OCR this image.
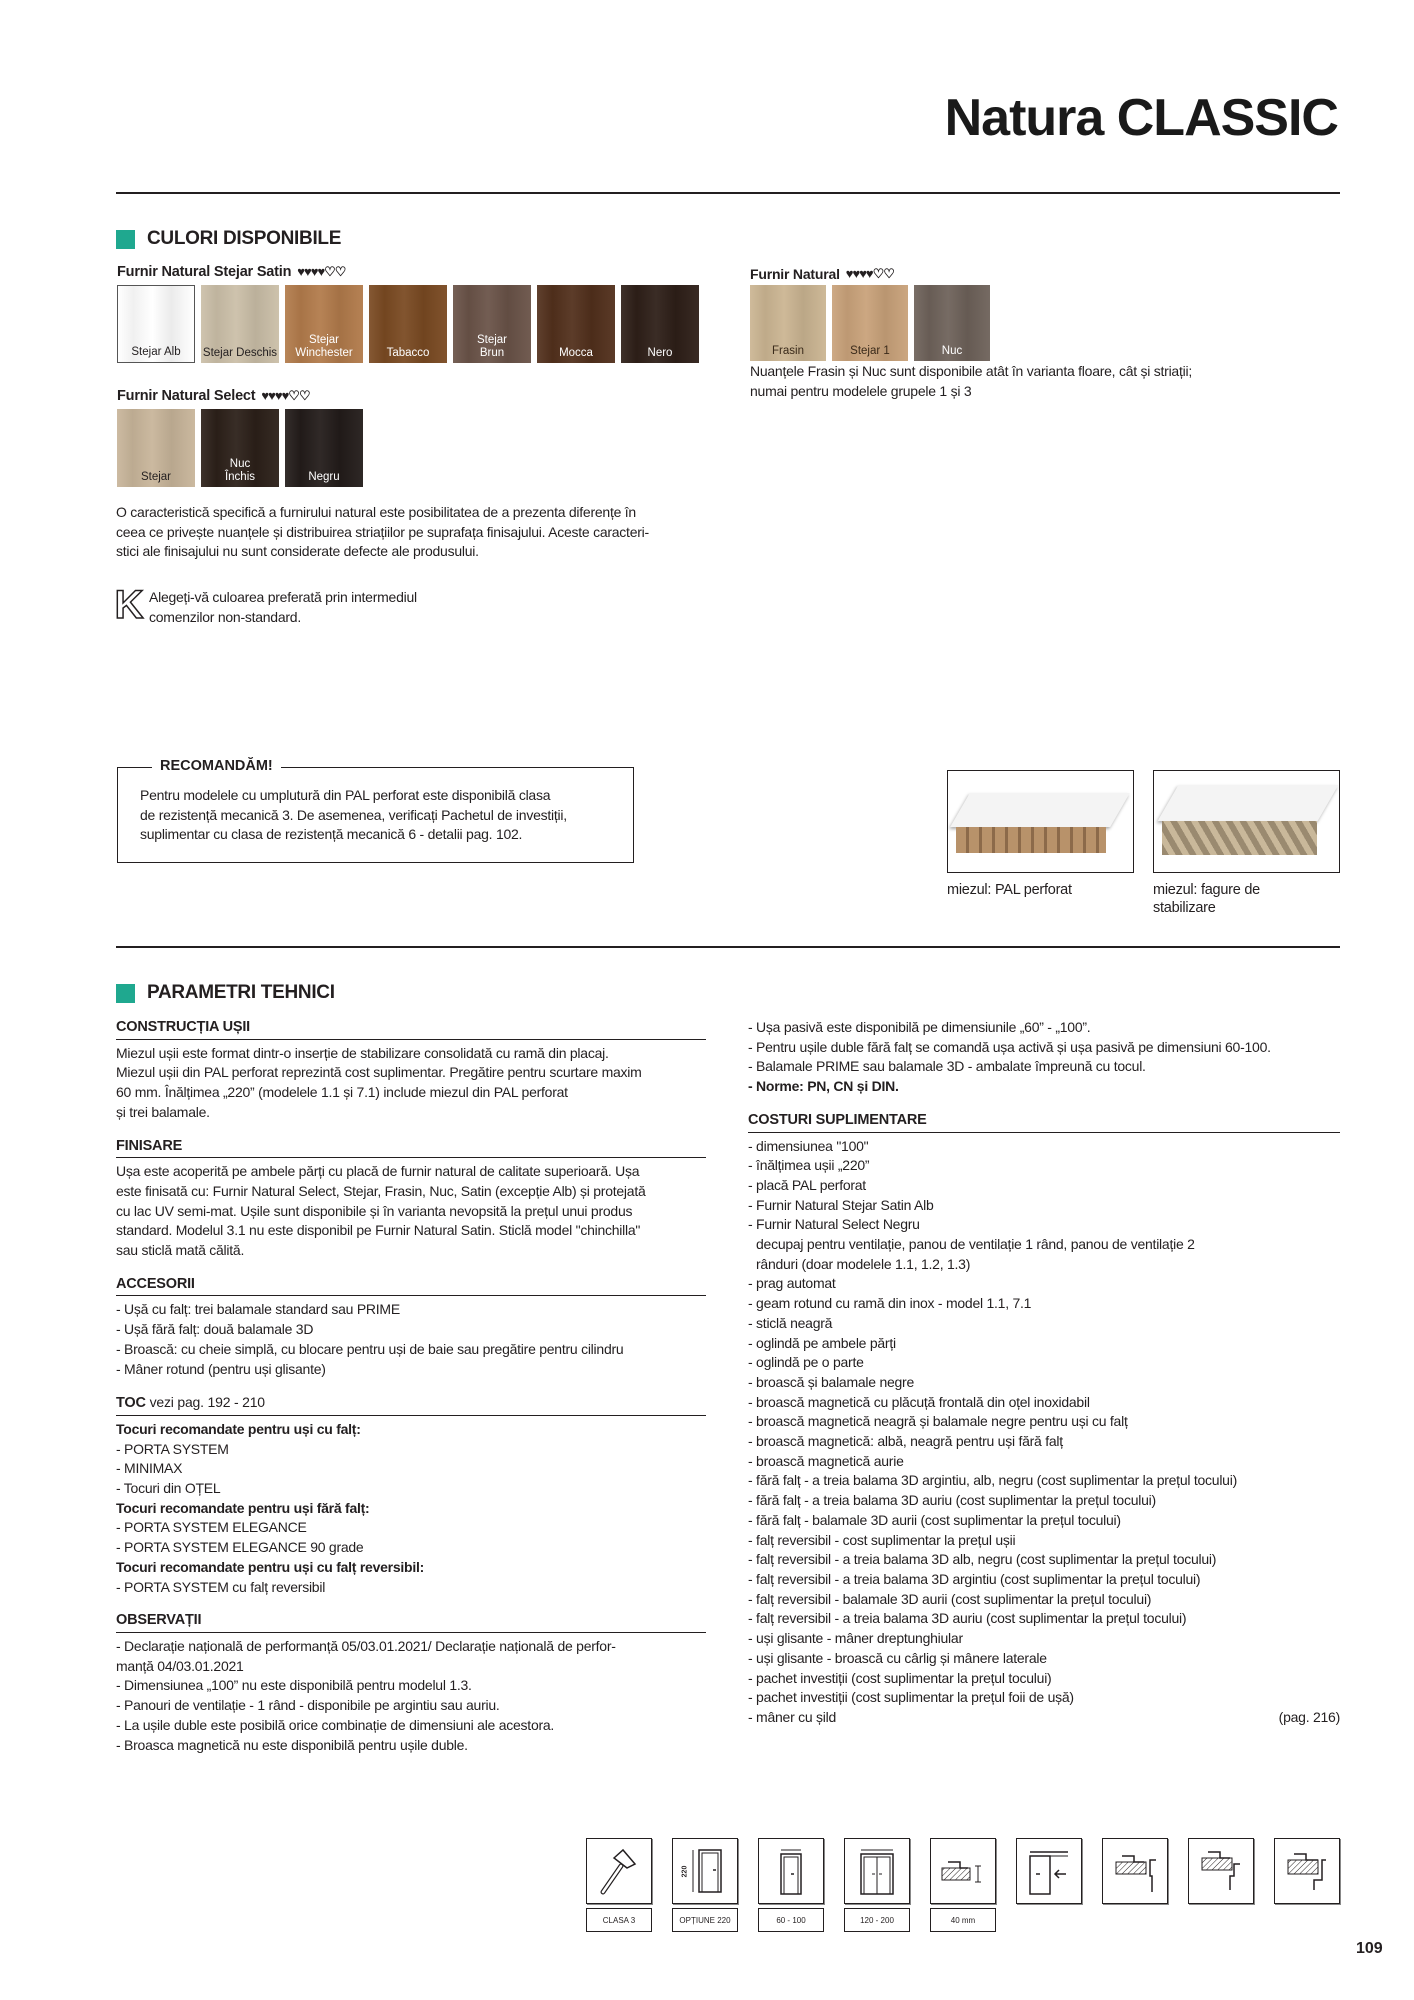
Natura CLASSIC
CULORI DISPONIBILE
Furnir Natural Stejar Satin ♥♥♥♥♡♡
Stejar Alb Stejar Deschis
Stejar
Winchester	Tabacco
Stejar
Brun	Mocca	Nero
Furnir Natural Select ♥♥♥♥♡♡
Stejar
Nuc
Închis	Negru
Furnir Natural ♥♥♥♥♡♡
Frasin	Stejar 1	Nuc
Nuanțele Frasin și Nuc sunt disponibile atât în varianta floare, cât și striații;
numai pentru modelele grupele 1 și 3
O caracteristică specifică a furnirului natural este posibilitatea de a prezenta diferențe în
ceea ce privește nuanțele și distribuirea striațiilor pe suprafața finisajului. Aceste caracteri-
stici ale finisajului nu sunt considerate defecte ale produsului.
K Alegeți-vă culoarea preferată prin intermediul
comenzilor non-standard.
RECOMANDĂM!
Pentru modelele cu umplutură din PAL perforat este disponibilă clasa
de rezistență mecanică 3. De asemenea, verificați Pachetul de investiții,
suplimentar cu clasa de rezistență mecanică 6 - detalii pag. 102.
miezul: PAL perforat	miezul: fagure de
stabilizare
PARAMETRI TEHNICI
CONSTRUCȚIA UȘII
Miezul ușii este format dintr-o inserție de stabilizare consolidată cu ramă din placaj.
Miezul ușii din PAL perforat reprezintă cost suplimentar. Pregătire pentru scurtare maxim
60 mm. Înălțimea „220” (modelele 1.1 și 7.1) include miezul din PAL perforat
și trei balamale.
FINISARE
Ușa este acoperită pe ambele părți cu placă de furnir natural de calitate superioară. Ușa
este finisată cu: Furnir Natural Select, Stejar, Frasin, Nuc, Satin (excepție Alb) și protejată
cu lac UV semi-mat. Ușile sunt disponibile și în varianta nevopsită la prețul unui produs
standard. Modelul 3.1 nu este disponibil pe Furnir Natural Satin. Sticlă model "chinchilla"
sau sticlă mată călită.
ACCESORII
- Ușă cu falț: trei balamale standard sau PRIME
- Ușă fără falț: două balamale 3D
- Broască: cu cheie simplă, cu blocare pentru uși de baie sau pregătire pentru cilindru
- Mâner rotund (pentru uși glisante)
TOC vezi pag. 192 - 210
Tocuri recomandate pentru uși cu falț:
- PORTA SYSTEM
- MINIMAX
- Tocuri din OȚEL
Tocuri recomandate pentru uși fără falț:
- PORTA SYSTEM ELEGANCE
- PORTA SYSTEM ELEGANCE 90 grade
Tocuri recomandate pentru uși cu falț reversibil:
- PORTA SYSTEM cu falț reversibil
OBSERVAȚII
- Declarație națională de performanță 05/03.01.2021/ Declarație națională de perfor-
manță 04/03.01.2021
- Dimensiunea „100” nu este disponibilă pentru modelul 1.3.
- Panouri de ventilație - 1 rând - disponibile pe argintiu sau auriu.
- La ușile duble este posibilă orice combinație de dimensiuni ale acestora.
- Broasca magnetică nu este disponibilă pentru ușile duble.
- Ușa pasivă este disponibilă pe dimensiunile „60” - „100”.
- Pentru ușile duble fără falț se comandă ușa activă și ușa pasivă pe dimensiuni 60-100.
- Balamale PRIME sau balamale 3D - ambalate împreună cu tocul.
- Norme: PN, CN și DIN.
COSTURI SUPLIMENTARE
- dimensiunea "100"
- înălțimea ușii „220”
- placă PAL perforat
- Furnir Natural Stejar Satin Alb
- Furnir Natural Select Negru
decupaj pentru ventilație, panou de ventilație 1 rând, panou de ventilație 2
rânduri (doar modelele 1.1, 1.2, 1.3)
- prag automat
- geam rotund cu ramă din inox - model 1.1, 7.1
- sticlă neagră
- oglindă pe ambele părți
- oglindă pe o parte
- broască și balamale negre
- broască magnetică cu plăcuță frontală din oțel inoxidabil
- broască magnetică neagră și balamale negre pentru uși cu falț
- broască magnetică: albă, neagră pentru uși fără falț
- broască magnetică aurie
- fără falț - a treia balama 3D argintiu, alb, negru (cost suplimentar la prețul tocului)
- fără falț - a treia balama 3D auriu (cost suplimentar la prețul tocului)
- fără falț - balamale 3D aurii (cost suplimentar la prețul tocului)
- falț reversibil - cost suplimentar la prețul ușii
- falț reversibil - a treia balama 3D alb, negru (cost suplimentar la prețul tocului)
- falț reversibil - a treia balama 3D argintiu (cost suplimentar la prețul tocului)
- falț reversibil - balamale 3D aurii (cost suplimentar la prețul tocului)
- falț reversibil - a treia balama 3D auriu (cost suplimentar la prețul tocului)
- uși glisante - mâner dreptunghiular
- uși glisante - broască cu cârlig și mânere laterale
- pachet investiții (cost suplimentar la prețul tocului)
- pachet investiții (cost suplimentar la prețul foii de ușă)
- mâner cu șild	(pag. 216)
CLASA 3
220
OPȚIUNE 220	60 - 100	120 - 200	40 mm
109
